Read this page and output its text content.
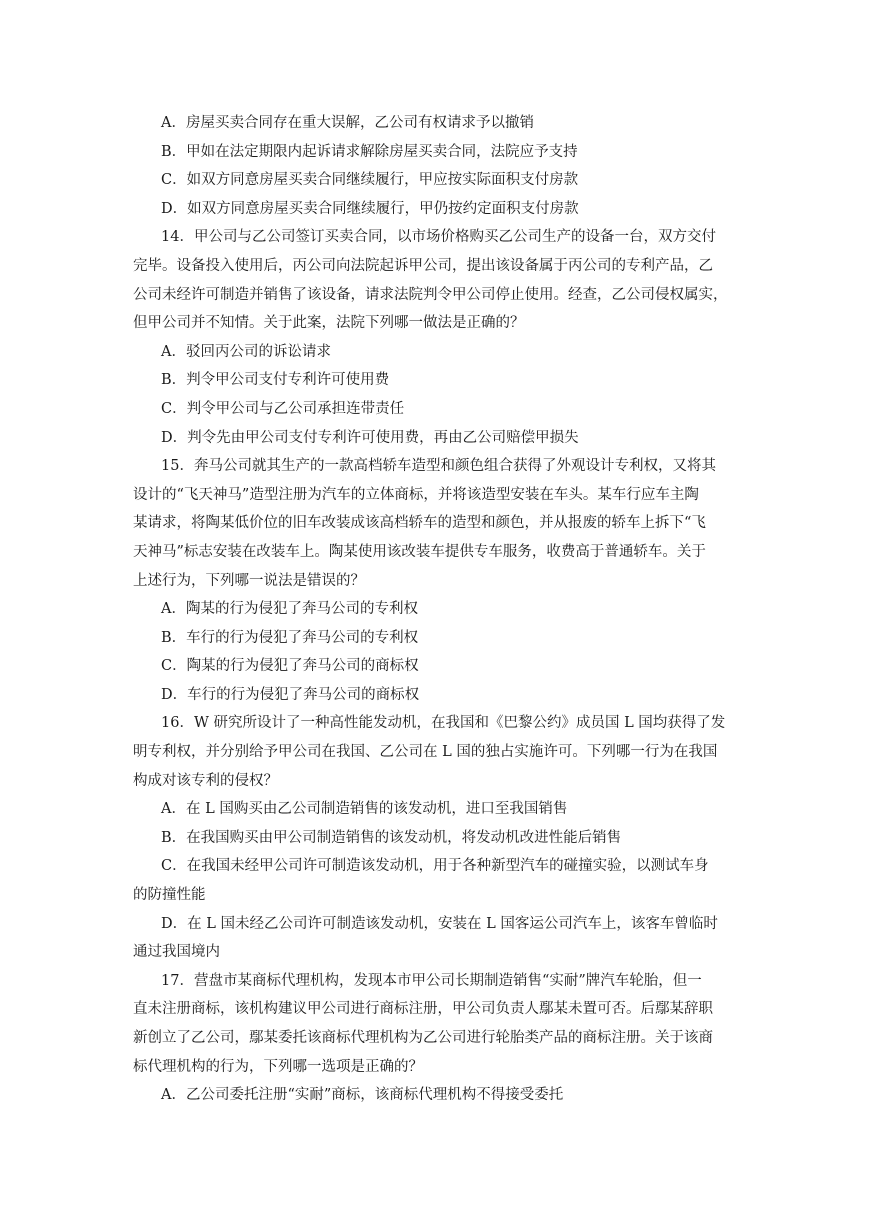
A．房屋买卖合同存在重大误解，乙公司有权请求予以撤销
B．甲如在法定期限内起诉请求解除房屋买卖合同，法院应予支持
C．如双方同意房屋买卖合同继续履行，甲应按实际面积支付房款
D．如双方同意房屋买卖合同继续履行，甲仍按约定面积支付房款
14．甲公司与乙公司签订买卖合同，以市场价格购买乙公司生产的设备一台，双方交付
完毕。设备投入使用后，丙公司向法院起诉甲公司，提出该设备属于丙公司的专利产品，乙
公司未经许可制造并销售了该设备，请求法院判令甲公司停止使用。经查，乙公司侵权属实，
但甲公司并不知情。关于此案，法院下列哪一做法是正确的？
A．驳回丙公司的诉讼请求
B．判令甲公司支付专利许可使用费
C．判令甲公司与乙公司承担连带责任
D．判令先由甲公司支付专利许可使用费，再由乙公司赔偿甲损失
15．奔马公司就其生产的一款高档轿车造型和颜色组合获得了外观设计专利权，又将其
设计的“飞天神马”造型注册为汽车的立体商标，并将该造型安装在车头。某车行应车主陶
某请求，将陶某低价位的旧车改装成该高档轿车的造型和颜色，并从报废的轿车上拆下“飞
天神马”标志安装在改装车上。陶某使用该改装车提供专车服务，收费高于普通轿车。关于
上述行为，下列哪一说法是错误的？
A．陶某的行为侵犯了奔马公司的专利权
B．车行的行为侵犯了奔马公司的专利权
C．陶某的行为侵犯了奔马公司的商标权
D．车行的行为侵犯了奔马公司的商标权
16．W 研究所设计了一种高性能发动机，在我国和《巴黎公约》成员国 L 国均获得了发
明专利权，并分别给予甲公司在我国、乙公司在 L 国的独占实施许可。下列哪一行为在我国
构成对该专利的侵权？
A．在 L 国购买由乙公司制造销售的该发动机，进口至我国销售
B．在我国购买由甲公司制造销售的该发动机，将发动机改进性能后销售
C．在我国未经甲公司许可制造该发动机，用于各种新型汽车的碰撞实验，以测试车身
的防撞性能
D．在 L 国未经乙公司许可制造该发动机，安装在 L 国客运公司汽车上，该客车曾临时
通过我国境内
17．营盘市某商标代理机构，发现本市甲公司长期制造销售“实耐”牌汽车轮胎，但一
直未注册商标，该机构建议甲公司进行商标注册，甲公司负责人鄢某未置可否。后鄢某辞职
新创立了乙公司，鄢某委托该商标代理机构为乙公司进行轮胎类产品的商标注册。关于该商
标代理机构的行为，下列哪一选项是正确的？
A．乙公司委托注册“实耐”商标，该商标代理机构不得接受委托
